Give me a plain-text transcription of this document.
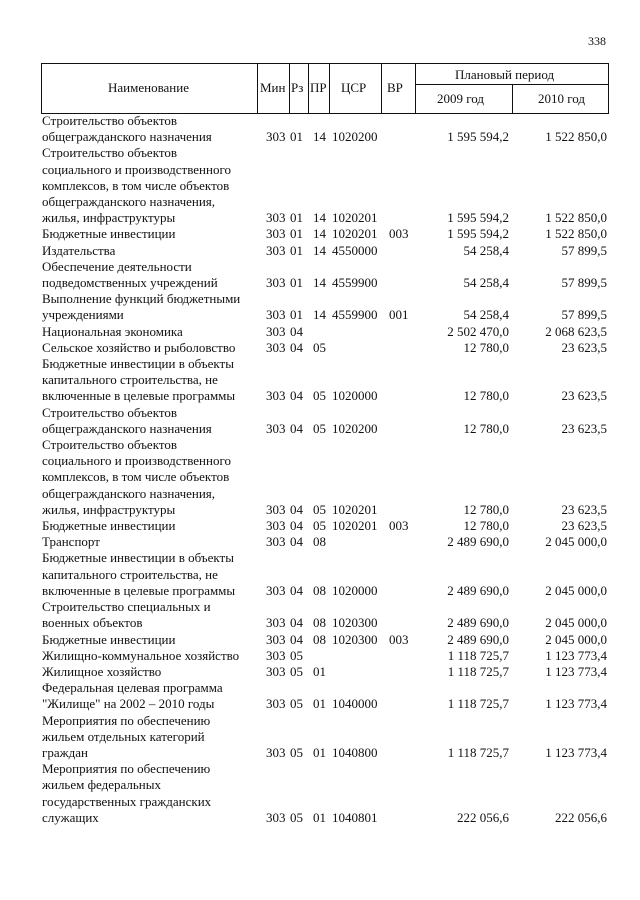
338
Наименование	Мин Рз ПР ЦСР ВР
Плановый период
2009 год	2010 год
Строительство объектов
общегражданского назначения	303 01 14 1020200	1 595 594,2	1 522 850,0
Строительство объектов
социального и производственного
комплексов, в том числе объектов
общегражданского назначения,
жилья, инфраструктуры	303 01 14 1020201	1 595 594,2	1 522 850,0
Бюджетные инвестиции	303 01 14 1020201 003	1 595 594,2	1 522 850,0
Издательства	303 01 14 4550000	54 258,4	57 899,5
Обеспечение деятельности
подведомственных учреждений	303 01 14 4559900	54 258,4	57 899,5
Выполнение функций бюджетными
учреждениями	303 01 14 4559900 001	54 258,4	57 899,5
Национальная экономика	303 04	2 502 470,0	2 068 623,5
Сельское хозяйство и рыболовство	303 04 05	12 780,0	23 623,5
Бюджетные инвестиции в объекты
капитального строительства, не
включенные в целевые программы	303 04 05 1020000	12 780,0	23 623,5
Строительство объектов
общегражданского назначения	303 04 05 1020200	12 780,0	23 623,5
Строительство объектов
социального и производственного
комплексов, в том числе объектов
общегражданского назначения,
жилья, инфраструктуры	303 04 05 1020201	12 780,0	23 623,5
Бюджетные инвестиции	303 04 05 1020201 003	12 780,0	23 623,5
Транспорт	303 04 08	2 489 690,0	2 045 000,0
Бюджетные инвестиции в объекты
капитального строительства, не
включенные в целевые программы	303 04 08 1020000	2 489 690,0	2 045 000,0
Строительство специальных и
военных объектов	303 04 08 1020300	2 489 690,0	2 045 000,0
Бюджетные инвестиции	303 04 08 1020300 003	2 489 690,0	2 045 000,0
Жилищно-коммунальное хозяйство	303 05	1 118 725,7	1 123 773,4
Жилищное хозяйство	303 05 01	1 118 725,7	1 123 773,4
Федеральная целевая программа
"Жилище" на 2002 – 2010 годы	303 05 01 1040000	1 118 725,7	1 123 773,4
Мероприятия по обеспечению
жильем отдельных категорий
граждан	303 05 01 1040800	1 118 725,7	1 123 773,4
Мероприятия по обеспечению
жильем федеральных
государственных гражданских
служащих	303 05 01 1040801	222 056,6	222 056,6
